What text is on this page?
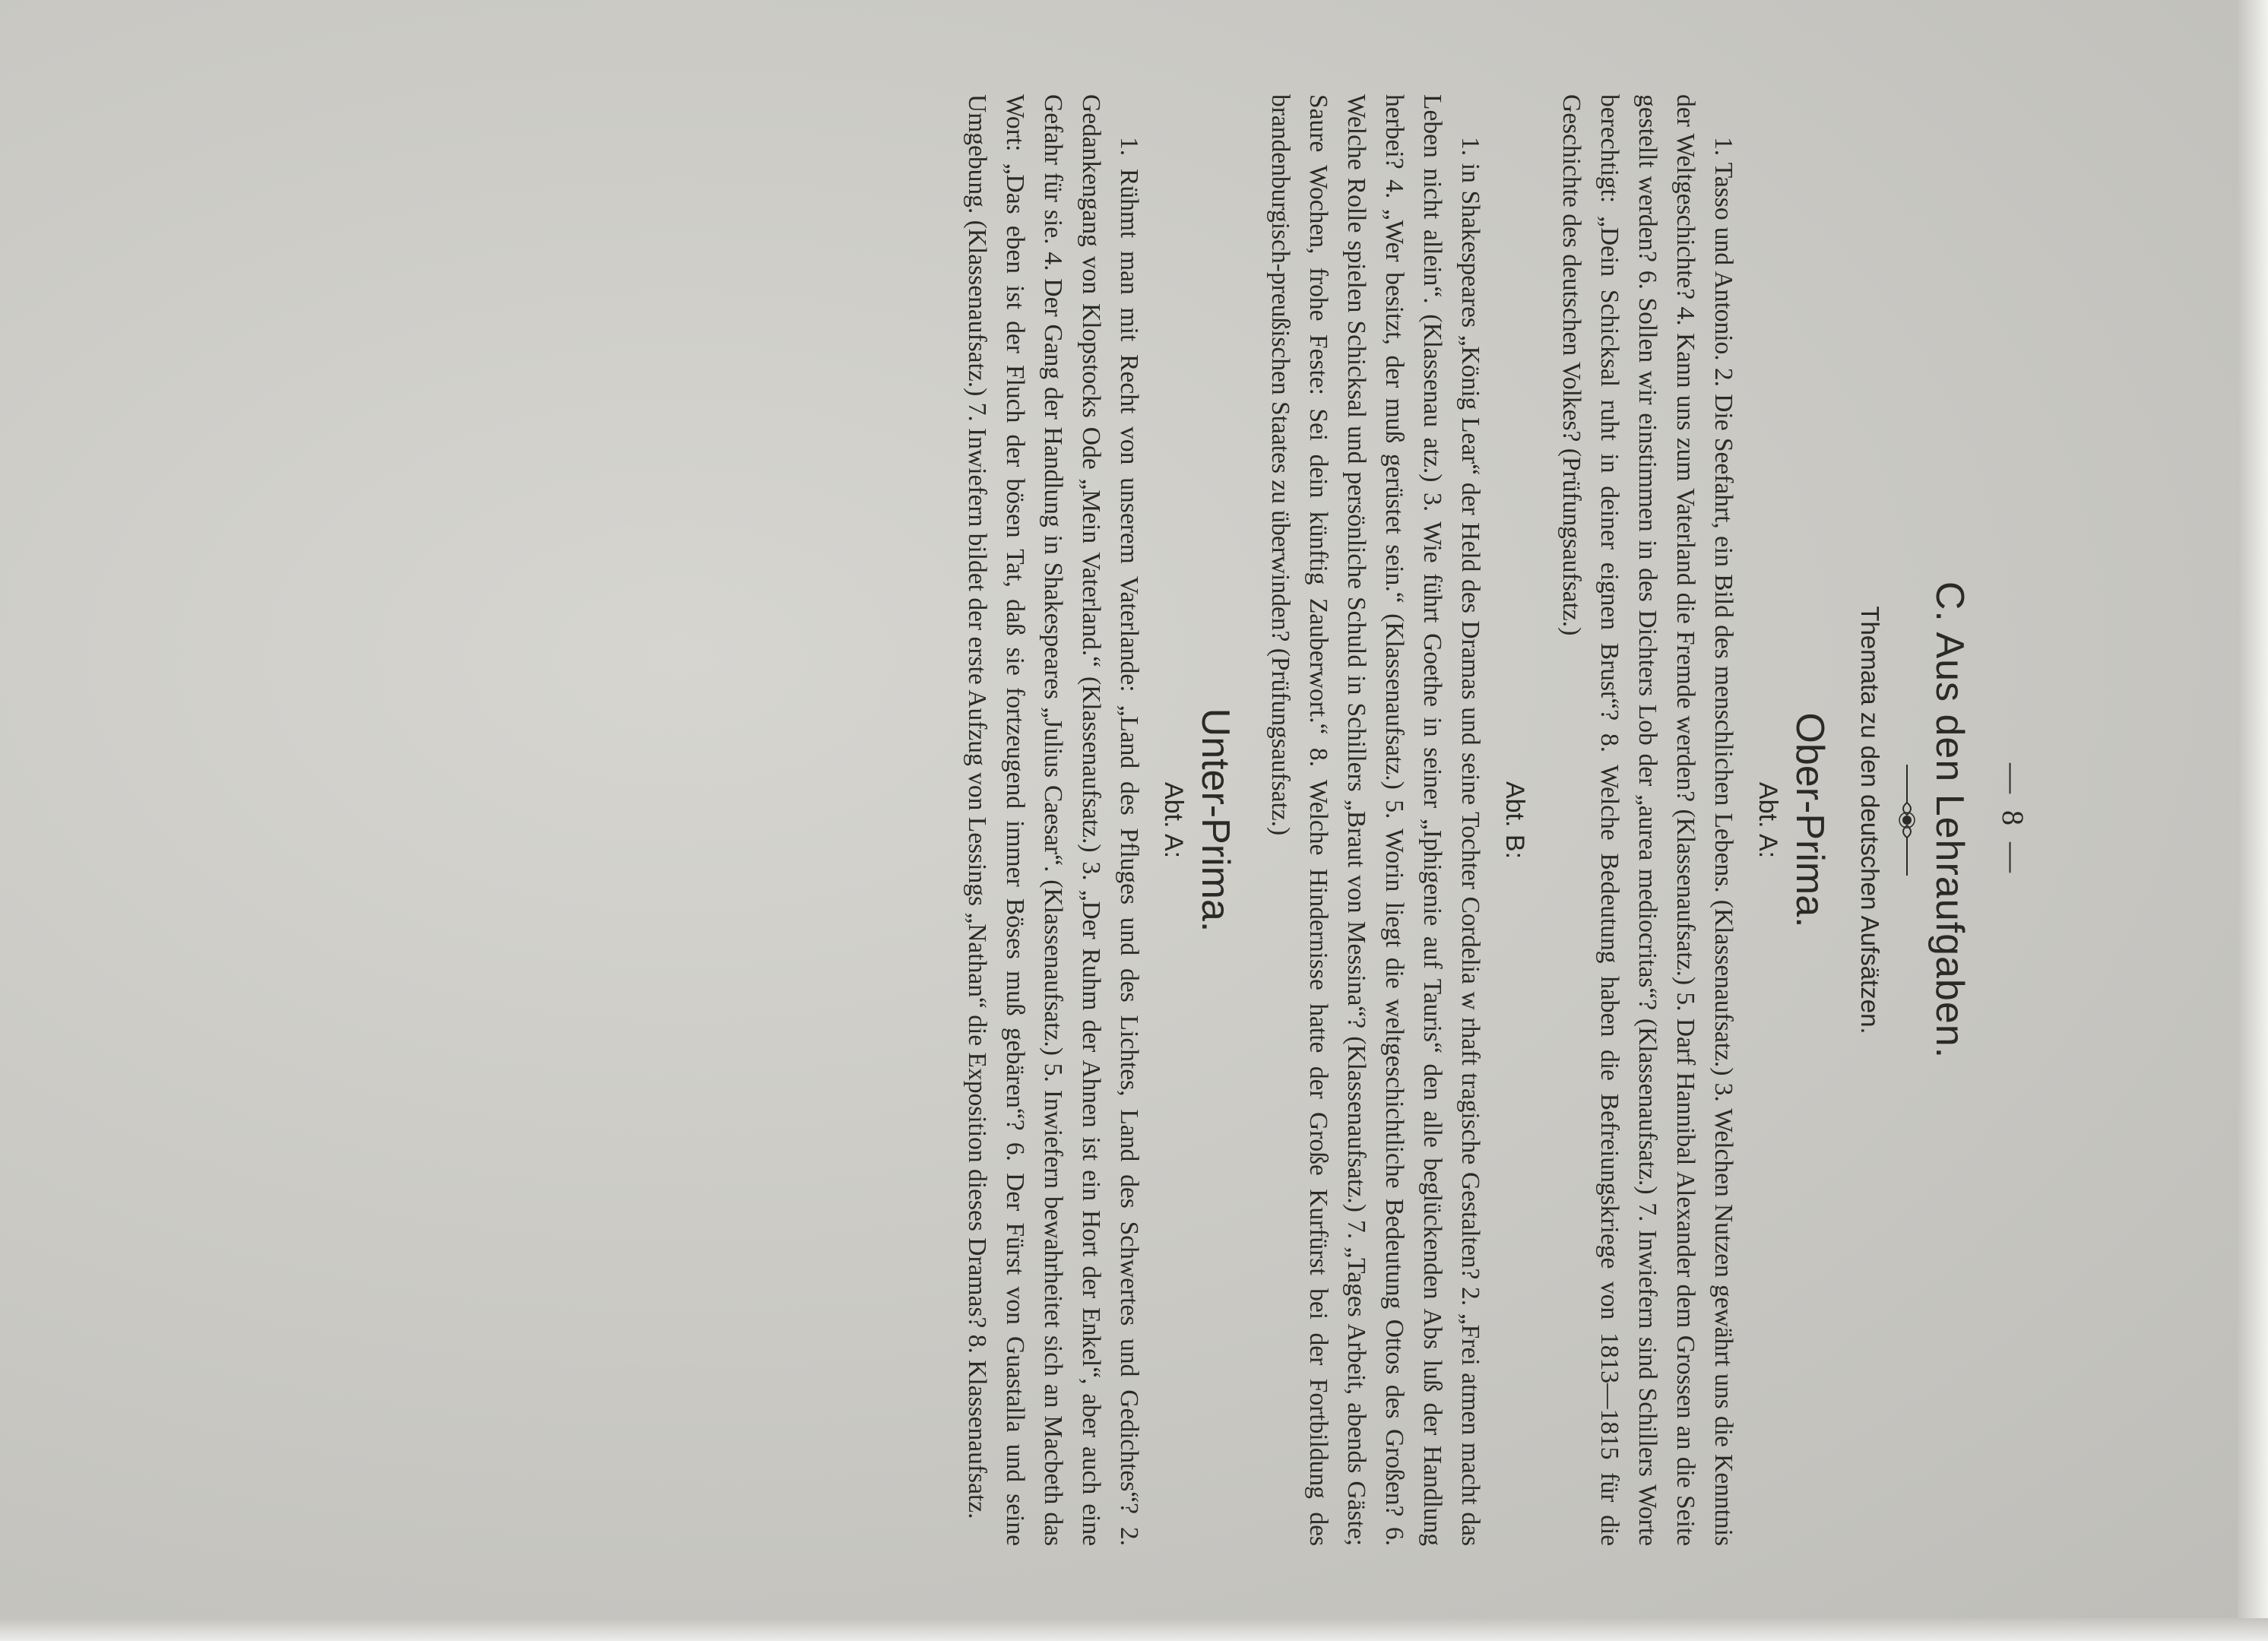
— 8 —
C. Aus den Lehraufgaben.
Themata zu den deutschen Aufsätzen.
Ober-Prima.
Abt. A:

1. Tasso und Antonio. 2. Die Seefahrt, ein Bild des menschlichen Lebens. (Klassenaufsatz.) 3. Welchen Nutzen gewährt uns die Kenntnis der Weltgeschichte? 4. Kann uns zum Vaterland die Fremde werden? (Klassenaufsatz.) 5. Darf Hannibal Alexander dem Grossen an die Seite gestellt werden? 6. Sollen wir einstimmen in des Dichters Lob der „aurea mediocritas“? (Klassenaufsatz.) 7. Inwiefern sind Schillers Worte berechtigt: „Dein Schicksal ruht in deiner eignen Brust“? 8. Welche Bedeutung haben die Befreiungskriege von 1813—1815 für die Geschichte des deutschen Volkes? (Prüfungsaufsatz.)

Abt. B:

1. in Shakespeares „König Lear“ der Held des Dramas und seine Tochter Cordelia w rhaft tragische Gestalten? 2. „Frei atmen macht das Leben nicht allein“. (Klassenau atz.) 3. Wie führt Goethe in seiner „Iphigenie auf Tauris“ den alle beglückenden Abs luß der Handlung herbei? 4. „Wer besitzt, der muß gerüstet sein.“ (Klassenaufsatz.) 5. Worin liegt die weltgeschichtliche Bedeutung Ottos des Großen? 6. Welche Rolle spielen Schicksal und persönliche Schuld in Schillers „Braut von Messina“? (Klassenaufsatz.) 7. „Tages Arbeit, abends Gäste; Saure Wochen, frohe Feste: Sei dein künftig Zauberwort.“ 8. Welche Hindernisse hatte der Große Kurfürst bei der Fortbildung des brandenburgisch-preußischen Staates zu überwinden? (Prüfungsaufsatz.)

Unter-Prima.
Abt. A:

1. Rühmt man mit Recht von unserem Vaterlande: „Land des Pfluges und des Lichtes, Land des Schwertes und Gedichtes“? 2. Gedankengang von Klopstocks Ode „Mein Vaterland.“ (Klassenaufsatz.) 3. „Der Ruhm der Ahnen ist ein Hort der Enkel“, aber auch eine Gefahr für sie. 4. Der Gang der Handlung in Shakespeares „Julius Caesar“. (Klassenaufsatz.) 5. Inwiefern bewahrheitet sich an Macbeth das Wort: „Das eben ist der Fluch der bösen Tat, daß sie fortzeugend immer Böses muß gebären“? 6. Der Fürst von Guastalla und seine Umgebung. (Klassenaufsatz.) 7. Inwiefern bildet der erste Aufzug von Lessings „Nathan“ die Exposition dieses Dramas? 8. Klassenaufsatz.
